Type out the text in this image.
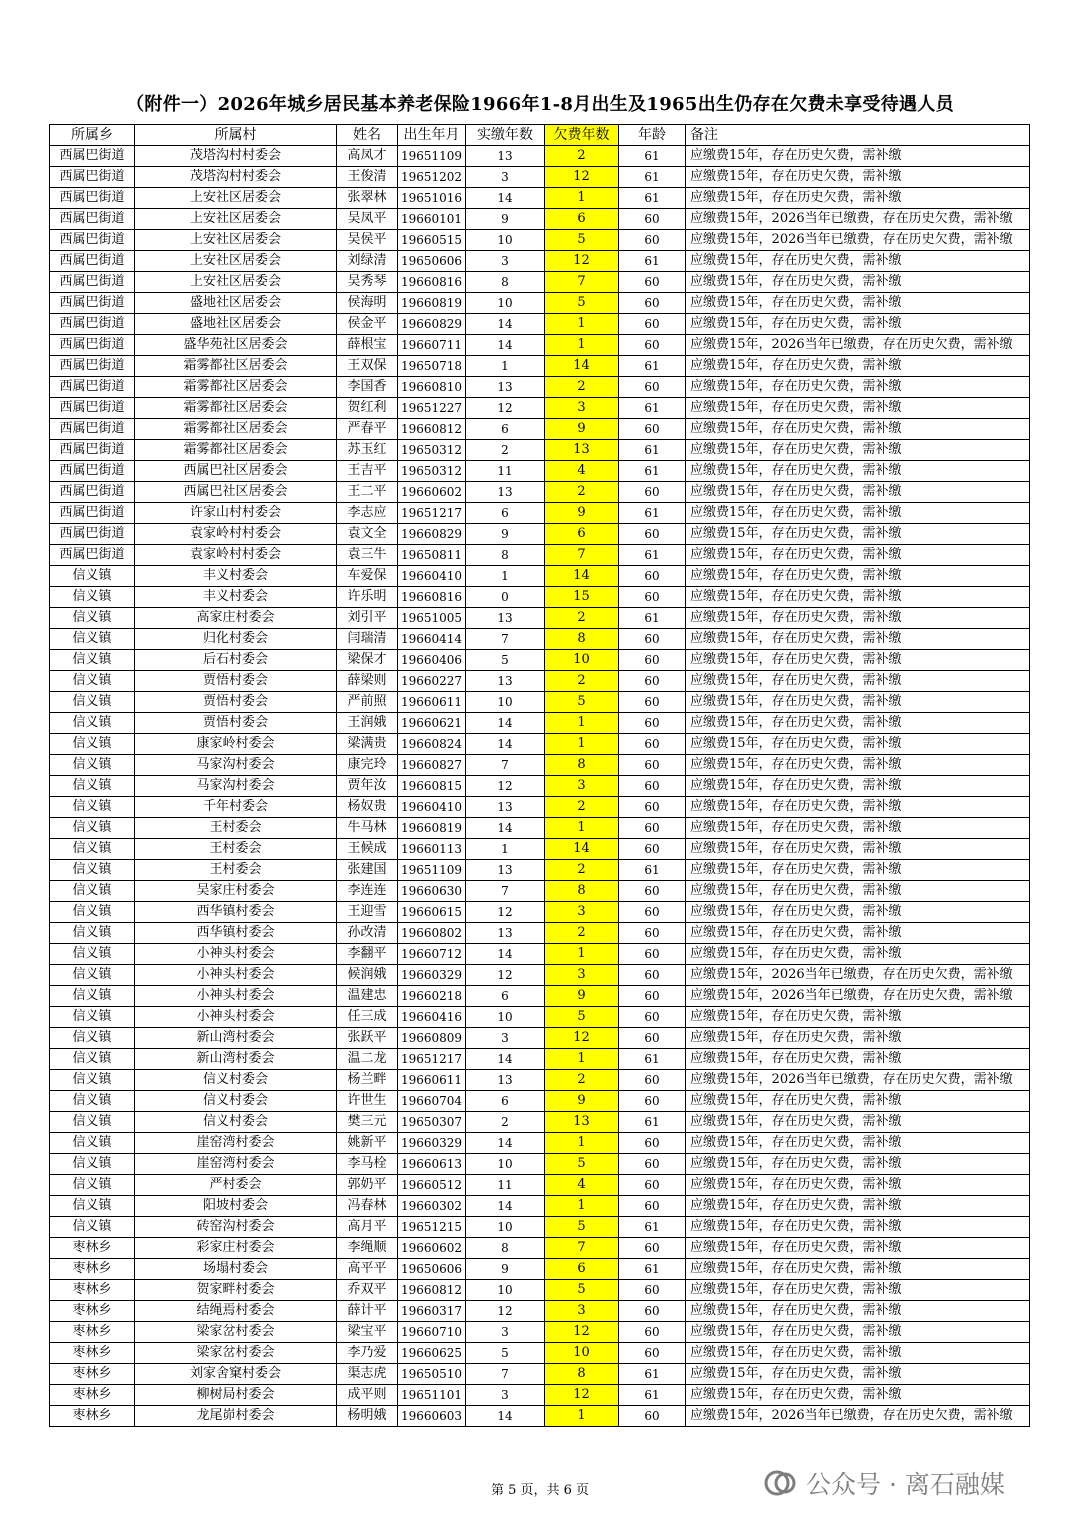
（附件一）2026年城乡居民基本养老保险1966年1-8月出生及1965出生仍存在欠费未享受待遇人员
所属乡	所属村	姓名	出生年月	实缴年数	欠费年数	年龄	备注
西属巴街道	茂塔沟村村委会	高凤才	19651109	13	2	61	应缴费15年，存在历史欠费，需补缴
西属巴街道	茂塔沟村村委会	王俊清	19651202	3	12	61	应缴费15年，存在历史欠费，需补缴
西属巴街道	上安社区居委会	张翠林	19651016	14	1	61	应缴费15年，存在历史欠费，需补缴
西属巴街道	上安社区居委会	吴凤平	19660101	9	6	60	应缴费15年，2026当年已缴费，存在历史欠费，需补缴
西属巴街道	上安社区居委会	吴侯平	19660515	10	5	60	应缴费15年，2026当年已缴费，存在历史欠费，需补缴
西属巴街道	上安社区居委会	刘绿清	19650606	3	12	61	应缴费15年，存在历史欠费，需补缴
西属巴街道	上安社区居委会	吴秀琴	19660816	8	7	60	应缴费15年，存在历史欠费，需补缴
西属巴街道	盛地社区居委会	侯海明	19660819	10	5	60	应缴费15年，存在历史欠费，需补缴
西属巴街道	盛地社区居委会	侯金平	19660829	14	1	60	应缴费15年，存在历史欠费，需补缴
西属巴街道	盛华苑社区居委会	薛根宝	19660711	14	1	60	应缴费15年，2026当年已缴费，存在历史欠费，需补缴
西属巴街道	霜雾都社区居委会	王双保	19650718	1	14	61	应缴费15年，存在历史欠费，需补缴
西属巴街道	霜雾都社区居委会	李国香	19660810	13	2	60	应缴费15年，存在历史欠费，需补缴
西属巴街道	霜雾都社区居委会	贺红利	19651227	12	3	61	应缴费15年，存在历史欠费，需补缴
西属巴街道	霜雾都社区居委会	严春平	19660812	6	9	60	应缴费15年，存在历史欠费，需补缴
西属巴街道	霜雾都社区居委会	苏玉红	19650312	2	13	61	应缴费15年，存在历史欠费，需补缴
西属巴街道	西属巴社区居委会	王吉平	19650312	11	4	61	应缴费15年，存在历史欠费，需补缴
西属巴街道	西属巴社区居委会	王二平	19660602	13	2	60	应缴费15年，存在历史欠费，需补缴
西属巴街道	许家山村村委会	李志应	19651217	6	9	61	应缴费15年，存在历史欠费，需补缴
西属巴街道	袁家岭村村委会	袁文全	19660829	9	6	60	应缴费15年，存在历史欠费，需补缴
西属巴街道	袁家岭村村委会	袁三牛	19650811	8	7	61	应缴费15年，存在历史欠费，需补缴
信义镇	丰义村委会	车爱保	19660410	1	14	60	应缴费15年，存在历史欠费，需补缴
信义镇	丰义村委会	许乐明	19660816	0	15	60	应缴费15年，存在历史欠费，需补缴
信义镇	高家庄村委会	刘引平	19651005	13	2	61	应缴费15年，存在历史欠费，需补缴
信义镇	归化村委会	闫瑞清	19660414	7	8	60	应缴费15年，存在历史欠费，需补缴
信义镇	后石村委会	梁保才	19660406	5	10	60	应缴费15年，存在历史欠费，需补缴
信义镇	贾悟村委会	薛梁则	19660227	13	2	60	应缴费15年，存在历史欠费，需补缴
信义镇	贾悟村委会	严前照	19660611	10	5	60	应缴费15年，存在历史欠费，需补缴
信义镇	贾悟村委会	王润娥	19660621	14	1	60	应缴费15年，存在历史欠费，需补缴
信义镇	康家岭村委会	梁满贵	19660824	14	1	60	应缴费15年，存在历史欠费，需补缴
信义镇	马家沟村委会	康完玲	19660827	7	8	60	应缴费15年，存在历史欠费，需补缴
信义镇	马家沟村委会	贾年汝	19660815	12	3	60	应缴费15年，存在历史欠费，需补缴
信义镇	千年村委会	杨奴贵	19660410	13	2	60	应缴费15年，存在历史欠费，需补缴
信义镇	王村委会	牛马林	19660819	14	1	60	应缴费15年，存在历史欠费，需补缴
信义镇	王村委会	王候成	19660113	1	14	60	应缴费15年，存在历史欠费，需补缴
信义镇	王村委会	张建国	19651109	13	2	61	应缴费15年，存在历史欠费，需补缴
信义镇	吴家庄村委会	李连连	19660630	7	8	60	应缴费15年，存在历史欠费，需补缴
信义镇	西华镇村委会	王迎雪	19660615	12	3	60	应缴费15年，存在历史欠费，需补缴
信义镇	西华镇村委会	孙改清	19660802	13	2	60	应缴费15年，存在历史欠费，需补缴
信义镇	小神头村委会	李翻平	19660712	14	1	60	应缴费15年，存在历史欠费，需补缴
信义镇	小神头村委会	候润娥	19660329	12	3	60	应缴费15年，2026当年已缴费，存在历史欠费，需补缴
信义镇	小神头村委会	温建忠	19660218	6	9	60	应缴费15年，2026当年已缴费，存在历史欠费，需补缴
信义镇	小神头村委会	任三成	19660416	10	5	60	应缴费15年，存在历史欠费，需补缴
信义镇	新山湾村委会	张跃平	19660809	3	12	60	应缴费15年，存在历史欠费，需补缴
信义镇	新山湾村委会	温二龙	19651217	14	1	61	应缴费15年，存在历史欠费，需补缴
信义镇	信义村委会	杨兰畔	19660611	13	2	60	应缴费15年，2026当年已缴费，存在历史欠费，需补缴
信义镇	信义村委会	许世生	19660704	6	9	60	应缴费15年，存在历史欠费，需补缴
信义镇	信义村委会	樊三元	19650307	2	13	61	应缴费15年，存在历史欠费，需补缴
信义镇	崖窑湾村委会	姚新平	19660329	14	1	60	应缴费15年，存在历史欠费，需补缴
信义镇	崖窑湾村委会	李马栓	19660613	10	5	60	应缴费15年，存在历史欠费，需补缴
信义镇	严村委会	郭奶平	19660512	11	4	60	应缴费15年，存在历史欠费，需补缴
信义镇	阳坡村委会	冯春林	19660302	14	1	60	应缴费15年，存在历史欠费，需补缴
信义镇	砖窑沟村委会	高月平	19651215	10	5	61	应缴费15年，存在历史欠费，需补缴
枣林乡	彩家庄村委会	李绳顺	19660602	8	7	60	应缴费15年，存在历史欠费，需补缴
枣林乡	场塌村委会	高平平	19650606	9	6	61	应缴费15年，存在历史欠费，需补缴
枣林乡	贺家畔村委会	乔双平	19660812	10	5	60	应缴费15年，存在历史欠费，需补缴
枣林乡	结绳焉村委会	薛计平	19660317	12	3	60	应缴费15年，存在历史欠费，需补缴
枣林乡	梁家岔村委会	梁宝平	19660710	3	12	60	应缴费15年，存在历史欠费，需补缴
枣林乡	梁家岔村委会	李乃爱	19660625	5	10	60	应缴费15年，存在历史欠费，需补缴
枣林乡	刘家舍窠村委会	渠志虎	19650510	7	8	61	应缴费15年，存在历史欠费，需补缴
枣林乡	柳树局村委会	成平则	19651101	3	12	61	应缴费15年，存在历史欠费，需补缴
枣林乡	龙尾峁村委会	杨明娥	19660603	14	1	60	应缴费15年，2026当年已缴费，存在历史欠费，需补缴
第 5 页，共 6 页	公众号 · 离石融媒
